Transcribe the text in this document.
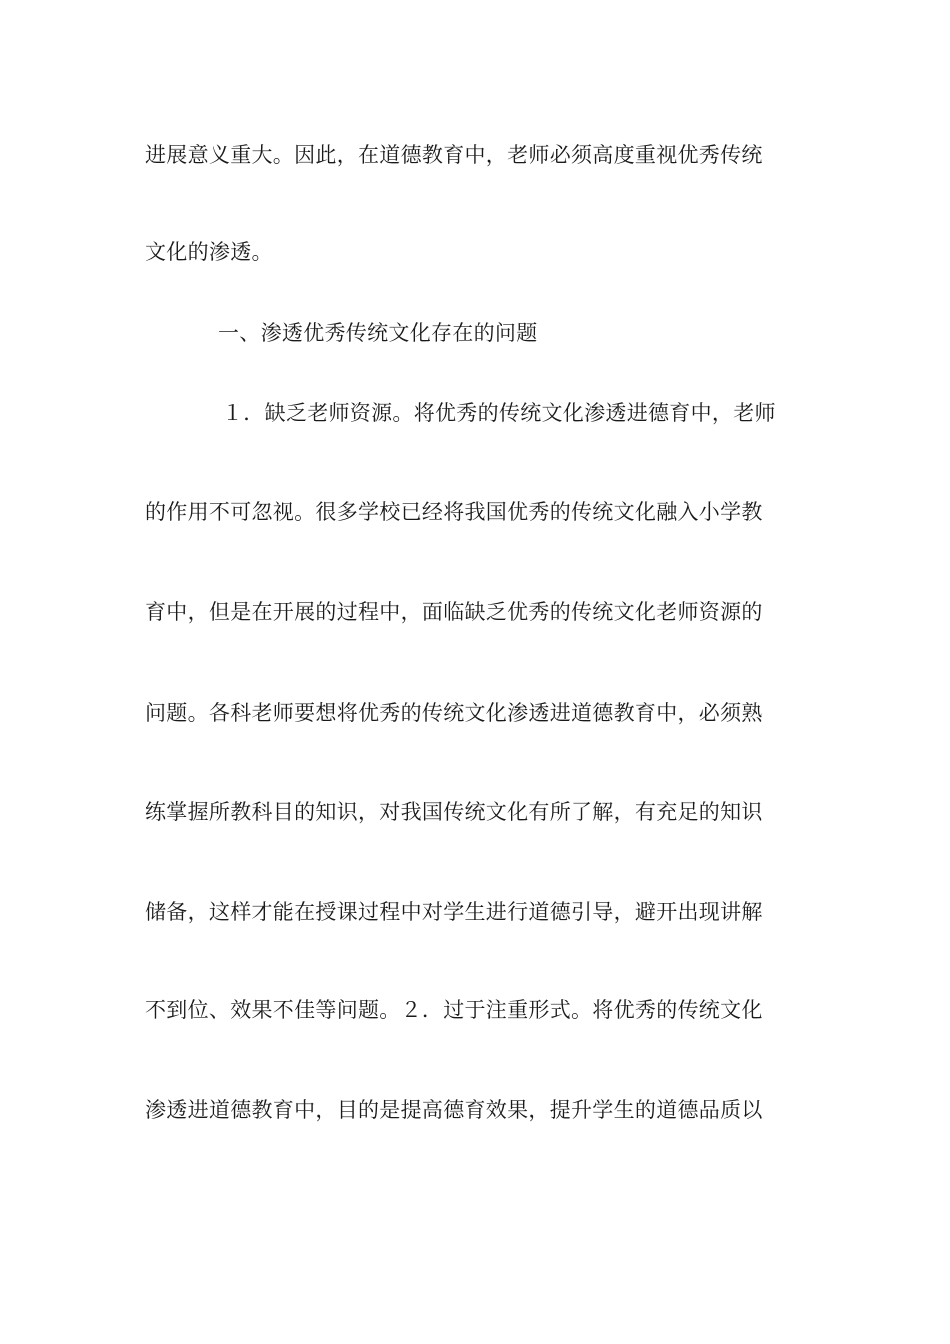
进展意义重大。因此，在道德教育中，老师必须高度重视优秀传统
文化的渗透。
一、渗透优秀传统文化存在的问题
１．缺乏老师资源。将优秀的传统文化渗透进德育中，老师
的作用不可忽视。很多学校已经将我国优秀的传统文化融入小学教
育中，但是在开展的过程中，面临缺乏优秀的传统文化老师资源的
问题。各科老师要想将优秀的传统文化渗透进道德教育中，必须熟
练掌握所教科目的知识，对我国传统文化有所了解，有充足的知识
储备，这样才能在授课过程中对学生进行道德引导，避开出现讲解
不到位、效果不佳等问题。２．过于注重形式。将优秀的传统文化
渗透进道德教育中，目的是提高德育效果，提升学生的道德品质以
